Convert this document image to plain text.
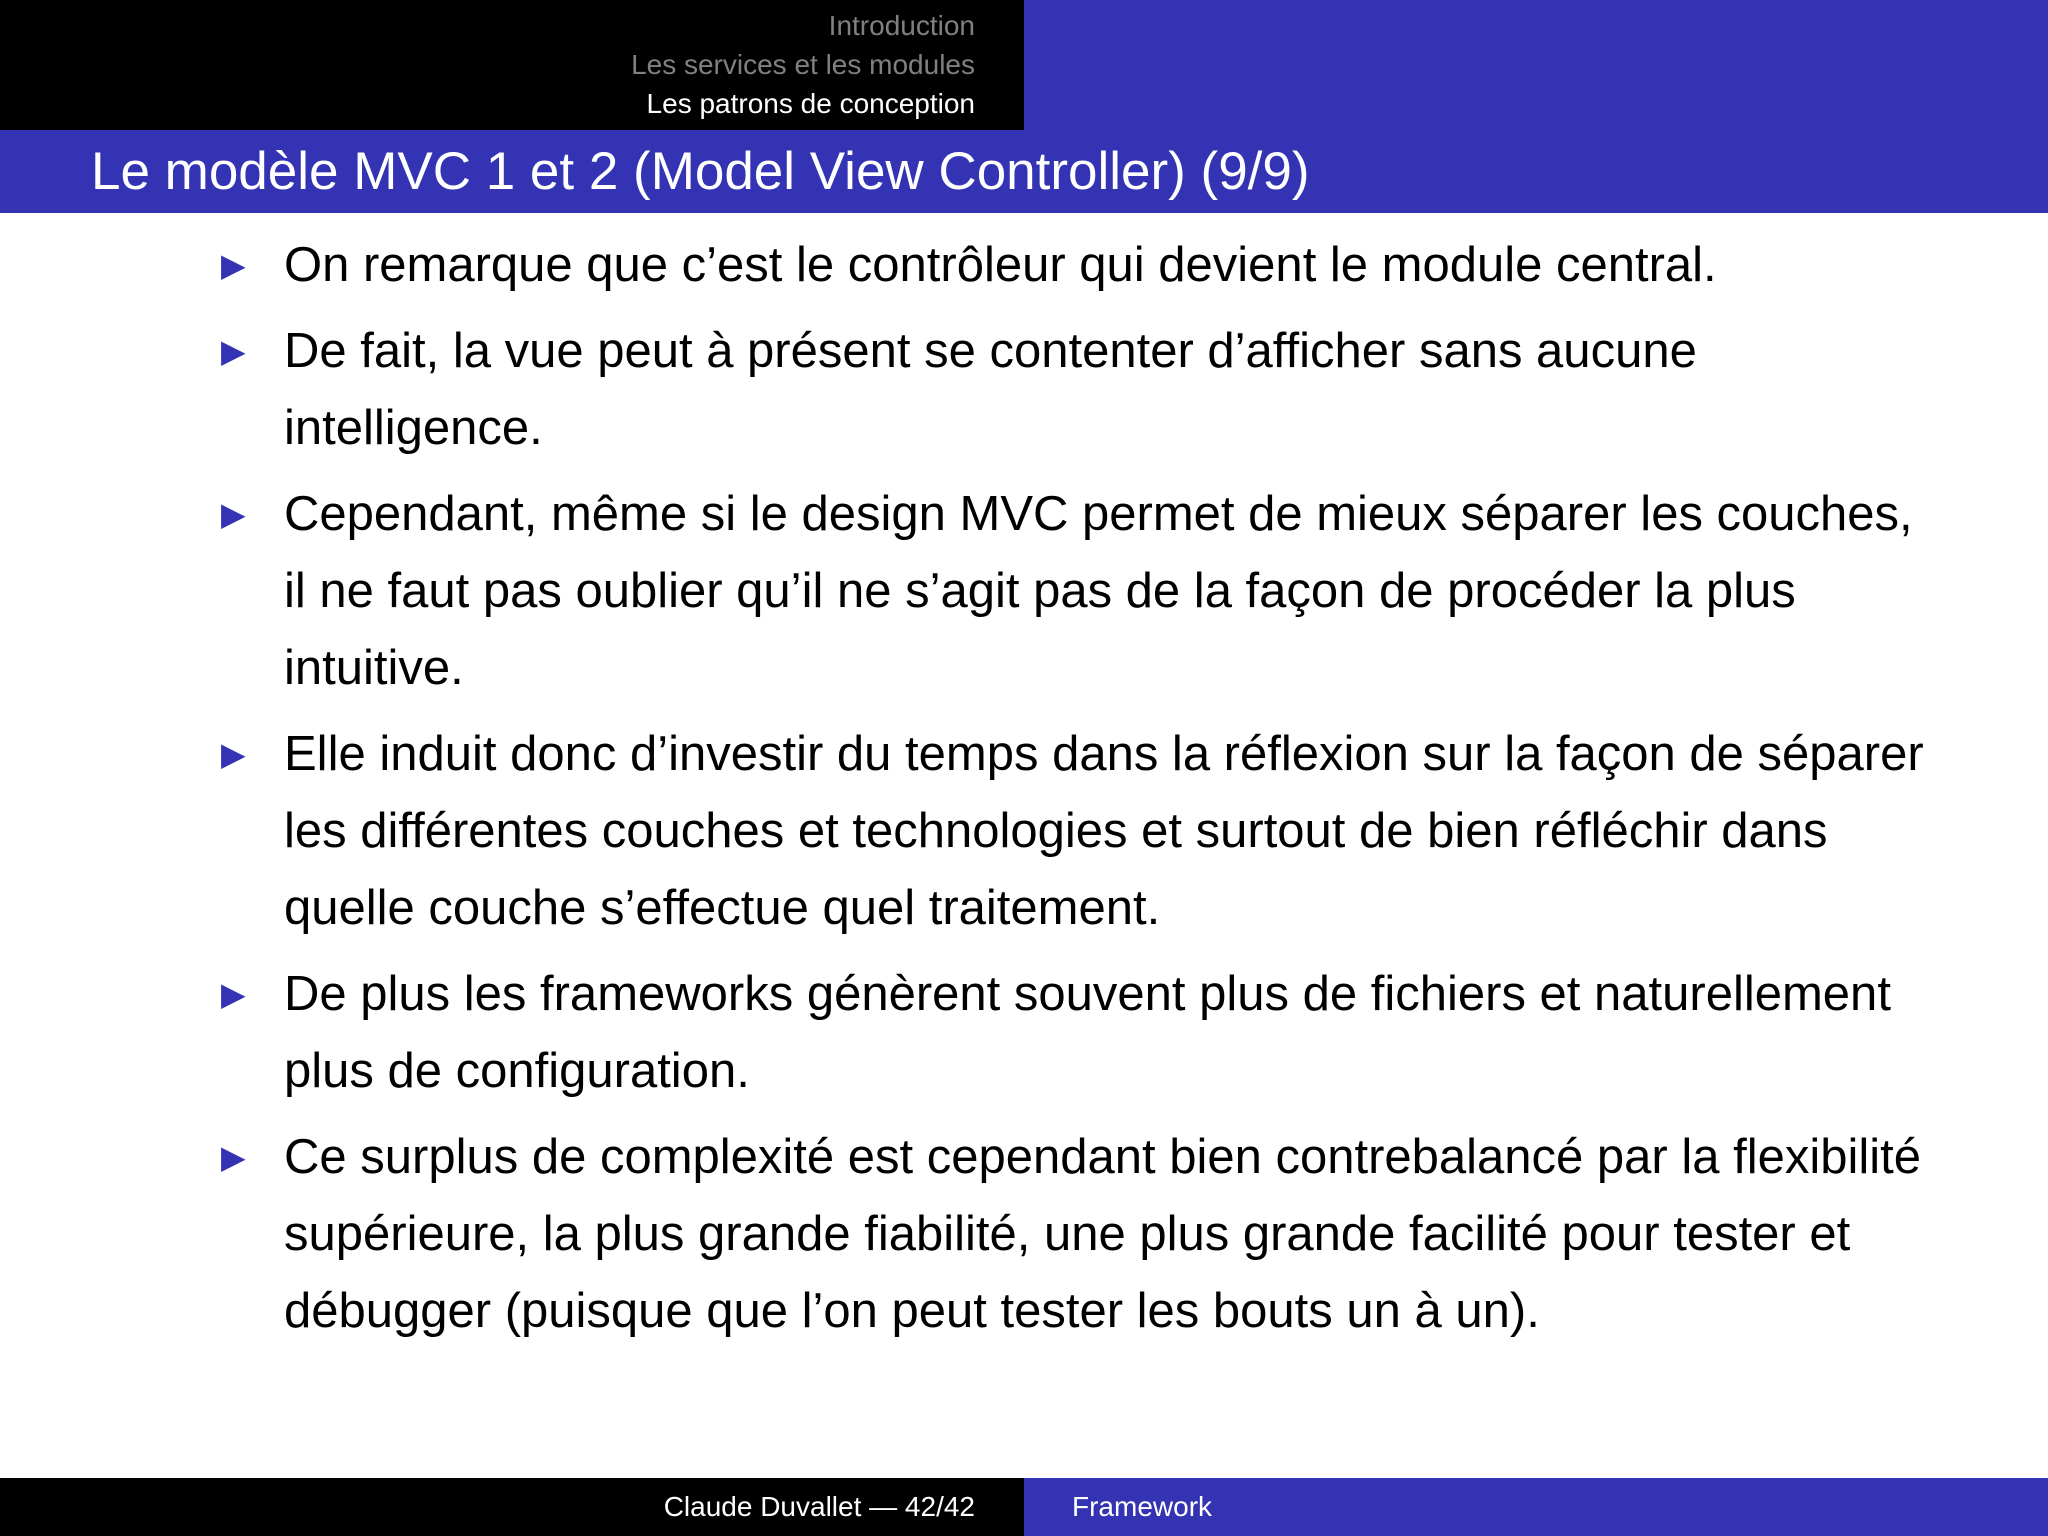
Introduction
Les services et les modules
Les patrons de conception
Le modèle MVC 1 et 2 (Model View Controller) (9/9)
▶ On remarque que c’est le contrôleur qui devient le module central.
▶ De fait, la vue peut à présent se contenter d’afficher sans aucune intelligence.
▶ Cependant, même si le design MVC permet de mieux séparer les couches, il ne faut pas oublier qu’il ne s’agit pas de la façon de procéder la plus intuitive.
▶ Elle induit donc d’investir du temps dans la réflexion sur la façon de séparer les différentes couches et technologies et surtout de bien réfléchir dans quelle couche s’effectue quel traitement.
▶ De plus les frameworks génèrent souvent plus de fichiers et naturellement plus de configuration.
▶ Ce surplus de complexité est cependant bien contrebalancé par la flexibilité supérieure, la plus grande fiabilité, une plus grande facilité pour tester et débugger (puisque que l’on peut tester les bouts un à un).
Claude Duvallet — 42/42	Framework
